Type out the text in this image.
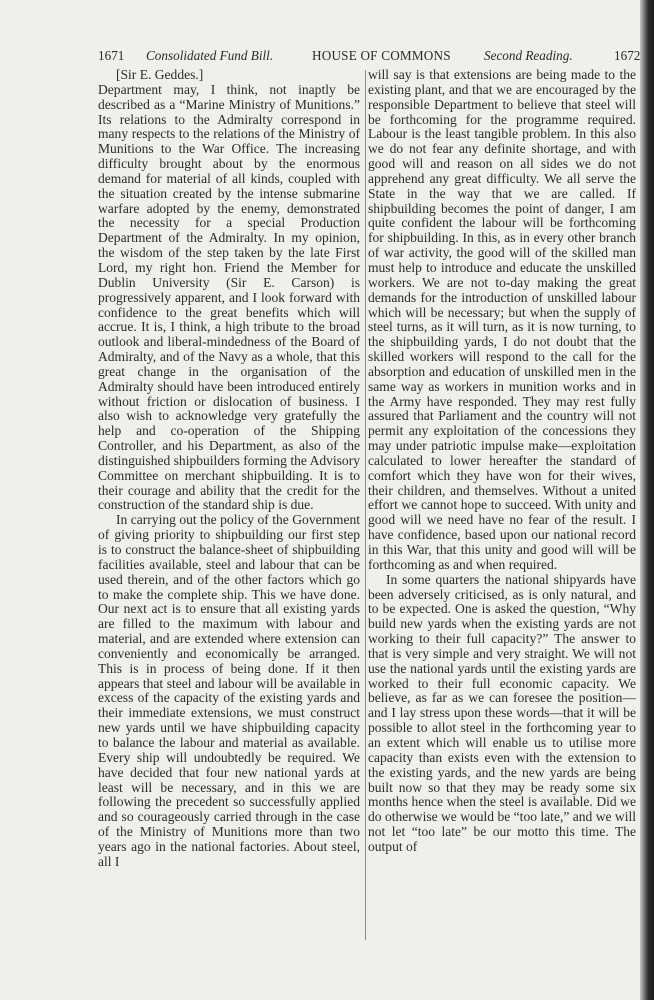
1671 Consolidated Fund Bill.	HOUSE OF COMMONS	Second Reading.	1672

[Sir E. Geddes.]

Department may, I think, not inaptly be described as a “Marine Ministry of Munitions.” Its relations to the Admiralty correspond in many respects to the relations of the Ministry of Munitions to the War Office. The increasing difficulty brought about by the enormous demand for material of all kinds, coupled with the situation created by the intense submarine warfare adopted by the enemy, demonstrated the necessity for a special Production Department of the Admiralty. In my opinion, the wisdom of the step taken by the late First Lord, my right hon. Friend the Member for Dublin University (Sir E. Carson) is progressively apparent, and I look forward with confidence to the great benefits which will accrue. It is, I think, a high tribute to the broad outlook and liberal-mindedness of the Board of Admiralty, and of the Navy as a whole, that this great change in the organisation of the Admiralty should have been introduced entirely without friction or dislocation of business. I also wish to acknowledge very gratefully the help and co-operation of the Shipping Controller, and his Department, as also of the distinguished shipbuilders forming the Advisory Committee on merchant shipbuilding. It is to their courage and ability that the credit for the construction of the standard ship is due.

In carrying out the policy of the Government of giving priority to shipbuilding our first step is to construct the balance-sheet of shipbuilding facilities available, steel and labour that can be used therein, and of the other factors which go to make the complete ship. This we have done. Our next act is to ensure that all existing yards are filled to the maximum with labour and material, and are extended where extension can conveniently and economically be arranged. This is in process of being done. If it then appears that steel and labour will be available in excess of the capacity of the existing yards and their immediate extensions, we must construct new yards until we have shipbuilding capacity to balance the labour and material as available. Every ship will undoubtedly be required. We have decided that four new national yards at least will be necessary, and in this we are following the precedent so successfully applied and so courageously carried through in the case of the Ministry of Munitions more than two years ago in the national factories. About steel, all I

will say is that extensions are being made to the existing plant, and that we are encouraged by the responsible Department to believe that steel will be forthcoming for the programme required. Labour is the least tangible problem. In this also we do not fear any definite shortage, and with good will and reason on all sides we do not apprehend any great difficulty. We all serve the State in the way that we are called. If shipbuilding becomes the point of danger, I am quite confident the labour will be forthcoming for shipbuilding. In this, as in every other branch of war activity, the good will of the skilled man must help to introduce and educate the unskilled workers. We are not to-day making the great demands for the introduction of unskilled labour which will be necessary; but when the supply of steel turns, as it will turn, as it is now turning, to the shipbuilding yards, I do not doubt that the skilled workers will respond to the call for the absorption and education of unskilled men in the same way as workers in munition works and in the Army have responded. They may rest fully assured that Parliament and the country will not permit any exploitation of the concessions they may under patriotic impulse make—exploitation calculated to lower hereafter the standard of comfort which they have won for their wives, their children, and themselves. Without a united effort we cannot hope to succeed. With unity and good will we need have no fear of the result. I have confidence, based upon our national record in this War, that this unity and good will will be forthcoming as and when required.

In some quarters the national shipyards have been adversely criticised, as is only natural, and to be expected. One is asked the question, “Why build new yards when the existing yards are not working to their full capacity?” The answer to that is very simple and very straight. We will not use the national yards until the existing yards are worked to their full economic capacity. We believe, as far as we can foresee the position—and I lay stress upon these words—that it will be possible to allot steel in the forthcoming year to an extent which will enable us to utilise more capacity than exists even with the extension to the existing yards, and the new yards are being built now so that they may be ready some six months hence when the steel is available. Did we do otherwise we would be “too late,” and we will not let “too late” be our motto this time. The output of
